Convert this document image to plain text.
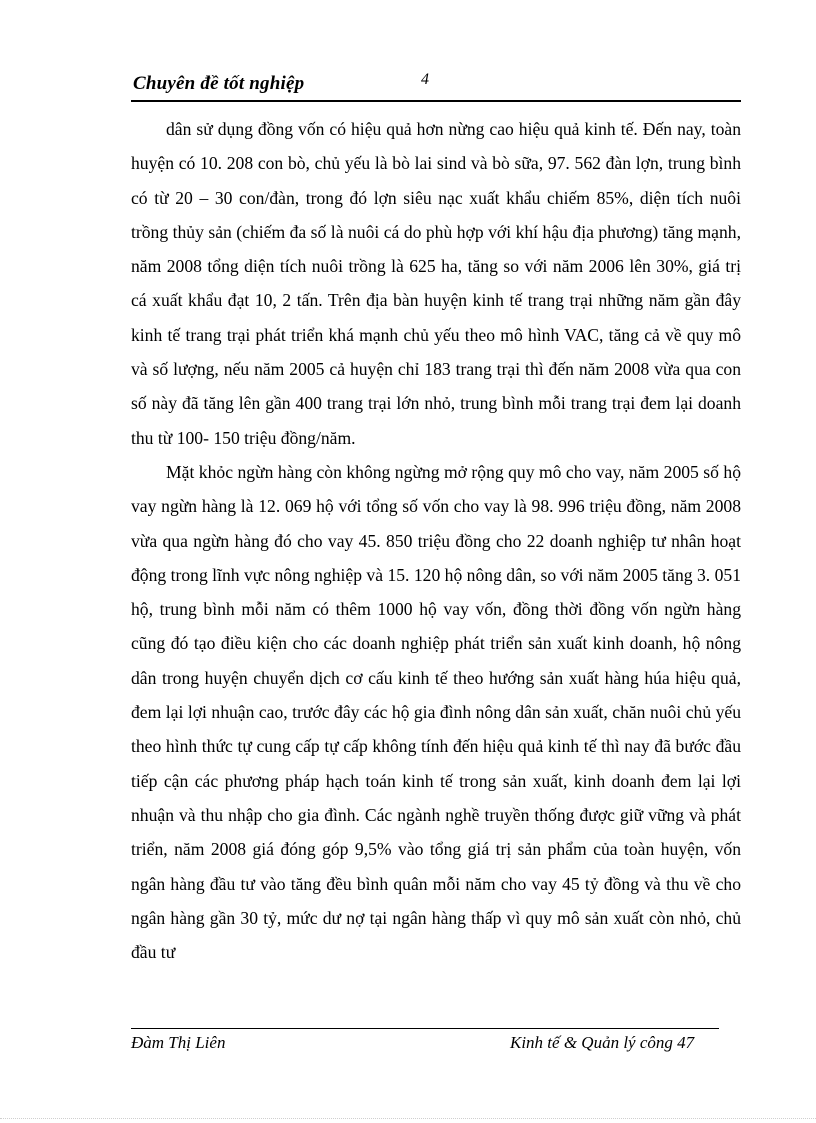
Chuyên đề tốt nghiệp	4

dân sử dụng đồng vốn có hiệu quả hơn nừng cao hiệu quả kinh tế. Đến nay, toàn huyện có 10. 208 con bò, chủ yếu là bò lai sind và bò sữa, 97. 562 đàn lợn, trung bình có từ 20 – 30 con/đàn, trong đó lợn siêu nạc xuất khẩu chiếm 85%, diện tích nuôi trồng thủy sản (chiếm đa số là nuôi cá do phù hợp với khí hậu địa phương) tăng mạnh, năm 2008 tổng diện tích nuôi trồng là 625 ha, tăng so với năm 2006 lên 30%, giá trị cá xuất khẩu đạt 10, 2 tấn. Trên địa bàn huyện kinh tế trang trại những năm gần đây kinh tế trang trại phát triển khá mạnh chủ yếu theo mô hình VAC, tăng cả về quy mô và số lượng, nếu năm 2005 cả huyện chỉ 183 trang trại thì đến năm 2008 vừa qua con số này đã tăng lên gần 400 trang trại lớn nhỏ, trung bình mỗi trang trại đem lại doanh thu từ 100- 150 triệu đồng/năm.

Mặt khỏc ngừn hàng còn không ngừng mở rộng quy mô cho vay, năm 2005 số hộ vay ngừn hàng là 12. 069 hộ với tổng số vốn cho vay là 98. 996 triệu đồng, năm 2008 vừa qua ngừn hàng đó cho vay 45. 850 triệu đồng cho 22 doanh nghiệp tư nhân hoạt động trong lĩnh vực nông nghiệp và 15. 120 hộ nông dân, so với năm 2005 tăng 3. 051 hộ, trung bình mỗi năm có thêm 1000 hộ vay vốn, đồng thời đồng vốn ngừn hàng cũng đó tạo điều kiện cho các doanh nghiệp phát triển sản xuất kinh doanh, hộ nông dân trong huyện chuyển dịch cơ cấu kinh tế theo hướng sản xuất hàng húa hiệu quả, đem lại lợi nhuận cao, trước đây các hộ gia đình nông dân sản xuất, chăn nuôi chủ yếu theo hình thức tự cung cấp tự cấp không tính đến hiệu quả kinh tế thì nay đã bước đầu tiếp cận các phương pháp hạch toán kinh tế trong sản xuất, kinh doanh đem lại lợi nhuận và thu nhập cho gia đình. Các ngành nghề truyền thống được giữ vững và phát triển, năm 2008 giá đóng góp 9,5% vào tổng giá trị sản phẩm của toàn huyện, vốn ngân hàng đầu tư vào tăng đều bình quân mỗi năm cho vay 45 tỷ đồng và thu về cho ngân hàng gần 30 tỷ, mức dư nợ tại ngân hàng thấp vì quy mô sản xuất còn nhỏ, chủ đầu tư

Đàm Thị Liên	Kinh tế & Quản lý công 47
